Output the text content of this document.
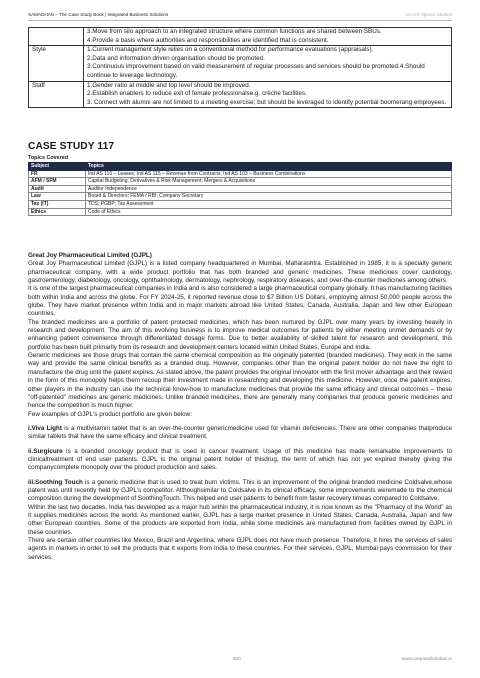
SAMADHAN – The Case Study Book | Integrated Business Solutions	CA CS Spruce Studies

	3.Move from silo approach to an integrated structure where common functions are shared between SBUs.
4.Provide a basis where authorities and responsibilities are identified that is consistent.

Style	1.Current management style relies on a conventional method for performance evaluations (appraisals).
2.Data and information driven organisation should be promoted.
3.Continuous improvement based on valid measurement of regular processes and services should be promoted.4.Should continue to leverage technology.

Staff	1.Gender ratio at middle and top level should be improved.
2.Establish enablers to reduce exit of female professionalse.g. crèche facilities.
3. Connect with alumni are not limited to a meeting exercise; but should be leveraged to identify potential boomerang employees.
CASE STUDY 117
Topics Covered
Subject	Topics
FR	Ind AS 116 – Leases; Ind AS 115 – Revenue from Contracts; Ind AS 103 – Business Combinations
AFM / SFM	Capital Budgeting; Derivatives & Risk Management; Mergers & Acquisitions
Audit	Auditor Independence
Law	Board & Directors; FEMA / RBI; Company Secretary
Tax (IT)	TDS; PGBP; Tax Assessment
Ethics	Code of Ethics

Great Joy Pharmaceutical Limited (GJPL)

Great Joy Pharmaceutical Limited (GJPL) is a listed company headquartered in Mumbai, Maharashtra. Established in 1985, it is a specialty generic pharmaceutical company, with a wide product portfolio that has both branded and generic medicines. These medicines cover cardiology, gastroenterology, diabetology, oncology, ophthalmology, dermatology, nephrology, respiratory diseases, and over-the-counter medicines among others.

It is one of the largest pharmaceutical companies in India and is also considered a large pharmaceutical company globally. It has manufacturing facilities both within India and across the globe. For FY 2024-25, it reported revenue close to $7 Billion US Dollars, employing almost 50,000 people across the globe. They have market presence within India and in major markets abroad like United States, Canada, Australia, Japan and few other European countries.

The branded medicines are a portfolio of patent protected medicines, which has been nurtured by GJPL over many years by investing heavily in research and development. The aim of this evolving business is to improve medical outcomes for patients by either meeting unmet demands or by enhancing patient convenience through differentiated dosage forms. Due to better availability of skilled talent for research and development, this portfolio has been built primarily from its research and development centers located within United States, Europe and India.

Generic medicines are those drugs that contain the same chemical composition as the originally patented (branded medicines). They work in the same way and provide the same clinical benefits as a branded drug. However, companies other than the original patent holder do not have the right to manufacture the drug until the patent expires. As stated above, the patent provides the original innovator with the first mover advantage and their reward in the form of this monopoly helps them recoup their investment made in researching and developing this medicine. However, once the patent expires, other players in the industry can use the technical know-how to manufacture medicines that provide the same efficacy and clinical outcomes – these "off-patented" medicines are generic medicines. Unlike branded medicines, there are generally many companies that produce generic medicines and hence the competition is much higher.

Few examples of GJPL's product portfolio are given below:

i.Viva Light is a multivitamin tablet that is an over-the-counter genericmedicine used for vitamin deficiencies. There are other companies thatproduce similar tablets that have the same efficacy and clinical treatment.

ii.Surgicure is a branded oncology product that is used in cancer treatment. Usage of this medicine has made remarkable improvements to clinicaltreatment of end user patients. GJPL is the original patent holder of thisdrug, the term of which has not yet expired thereby giving the companycomplete monopoly over the product production and sales.

iii.Soothing Touch is a generic medicine that is used to treat burn victims. This is an improvement of the original branded medicine Coldsalve,whose patent was until recently held by GJPL's competitor. Althoughsimilar to Coldsalve in its clinical efficacy, some improvements weremade to the chemical composition during the development of SoothingTouch. This helped end user patients to benefit from faster recovery timeas compared to Coldsalve.

Within the last two decades, India has developed as a major hub within the pharmaceutical industry, it is now known as the "Pharmacy of the World" as it supplies medicines across the world. As mentioned earlier, GJPL has a large market presence in United States, Canada, Australia, Japan and few other European countries. Some of the products are exported from India, while some medicines are manufactured from facilities owned by GJPL in these countries.

There are certain other countries like Mexico, Brazil and Argentina, where GJPL does not have much presence. Therefore, it hires the services of sales agents in markets in order to sell the products that it exports from India to these countries. For their services, GJPL, Mumbai pays commission for their services.

600	www.caspanishdodani.in
